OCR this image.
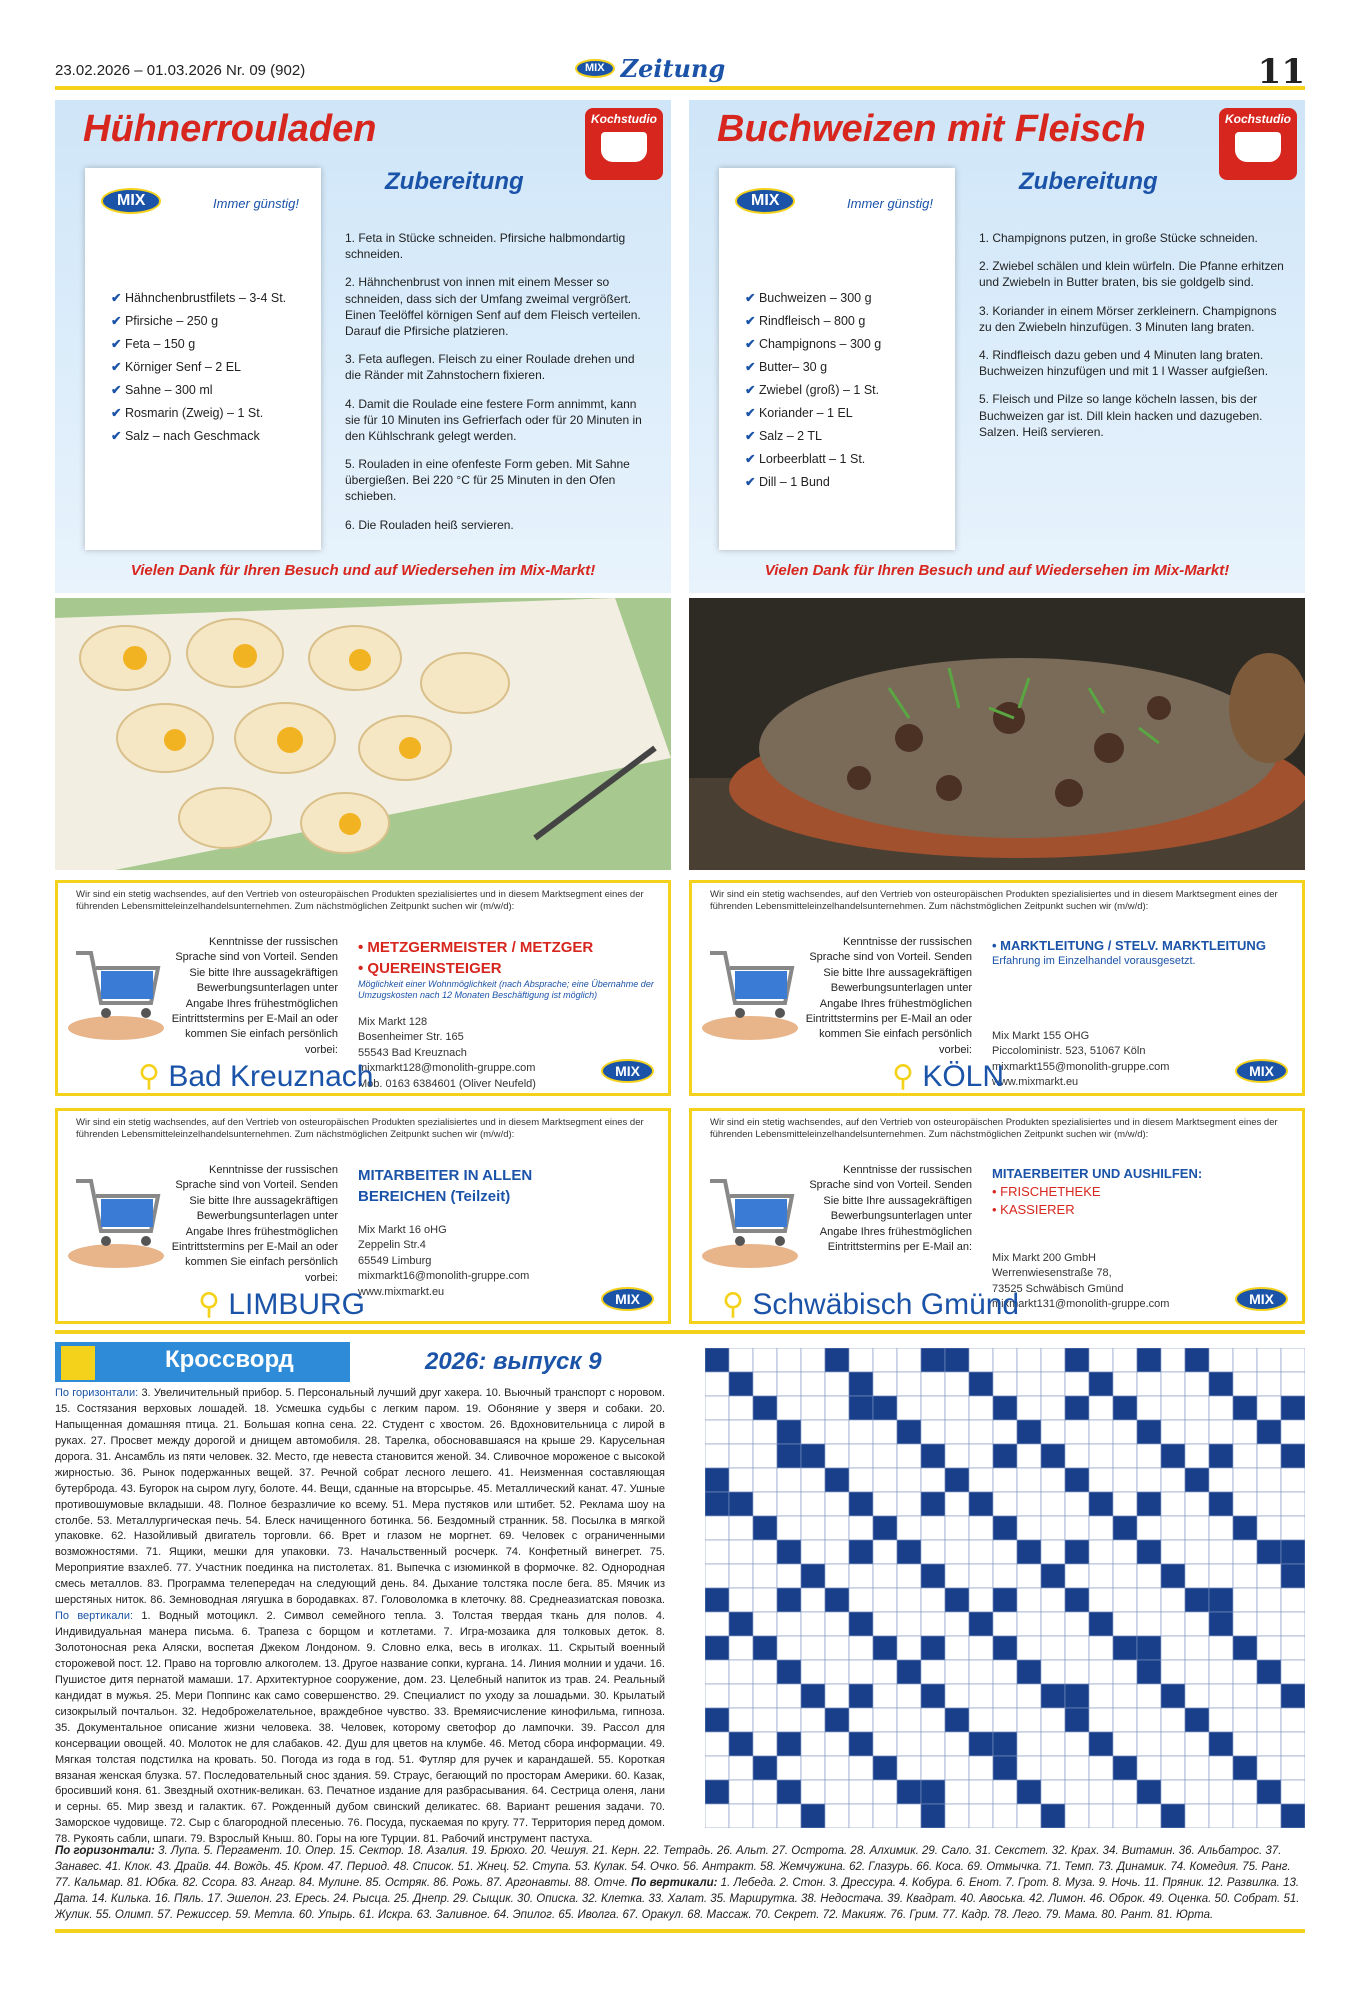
23.02.2026 – 01.03.2026 Nr. 09 (902)	MIX Zeitung	11
Hühnerrouladen	Kochstudio
MIX	Immer günstig!
✔ Hähnchenbrustfilets – 3-4 St.
✔ Pfirsiche – 250 g
✔ Feta – 150 g
✔ Körniger Senf – 2 EL
✔ Sahne – 300 ml
✔ Rosmarin (Zweig) – 1 St.
✔ Salz – nach Geschmack
Zubereitung

1. Feta in Stücke schneiden. Pfirsiche halbmondartig schneiden.

2. Hähnchenbrust von innen mit einem Messer so schneiden, dass sich der Umfang zweimal vergrößert. Einen Teelöffel körnigen Senf auf dem Fleisch verteilen. Darauf die Pfirsiche platzieren.

3. Feta auflegen. Fleisch zu einer Roulade drehen und die Ränder mit Zahnstochern fixieren.

4. Damit die Roulade eine festere Form annimmt, kann sie für 10 Minuten ins Gefrierfach oder für 20 Minuten in den Kühlschrank gelegt werden.

5. Rouladen in eine ofenfeste Form geben. Mit Sahne übergießen. Bei 220 °C für 25 Minuten in den Ofen schieben.

6. Die Rouladen heiß servieren.

Vielen Dank für Ihren Besuch und auf Wiedersehen im Mix-Markt!
Buchweizen mit Fleisch	Kochstudio
MIX	Immer günstig!
✔ Buchweizen – 300 g
✔ Rindfleisch – 800 g
✔ Champignons – 300 g
✔ Butter– 30 g
✔ Zwiebel (groß) – 1 St.
✔ Koriander – 1 EL
✔ Salz – 2 TL
✔ Lorbeerblatt – 1 St.
✔ Dill – 1 Bund
Zubereitung

1. Champignons putzen, in große Stücke schneiden.

2. Zwiebel schälen und klein würfeln. Die Pfanne erhitzen und Zwiebeln in Butter braten, bis sie goldgelb sind.

3. Koriander in einem Mörser zerkleinern. Champignons zu den Zwiebeln hinzufügen. 3 Minuten lang braten.

4. Rindfleisch dazu geben und 4 Minuten lang braten. Buchweizen hinzufügen und mit 1 l Wasser aufgießen.

5. Fleisch und Pilze so lange köcheln lassen, bis der Buchweizen gar ist. Dill klein hacken und dazugeben. Salzen. Heiß servieren.

Vielen Dank für Ihren Besuch und auf Wiedersehen im Mix-Markt!
Wir sind ein stetig wachsendes, auf den Vertrieb von osteuropäischen Produkten spezialisiertes und in diesem Marktsegment eines der führenden Lebensmitteleinzelhandelsunternehmen. Zum nächstmöglichen Zeitpunkt suchen wir (m/w/d):
Kenntnisse der russischen Sprache sind von Vorteil. Senden Sie bitte Ihre aussagekräftigen Bewerbungsunterlagen unter Angabe Ihres frühestmöglichen Eintrittstermins per E-Mail an oder kommen Sie einfach persönlich vorbei:
• METZGERMEISTER / METZGER
• QUEREINSTEIGER
Möglichkeit einer Wohnmöglichkeit (nach Absprache; eine Übernahme der Umzugskosten nach 12 Monaten Beschäftigung ist möglich)
Mix Markt 128
Bosenheimer Str. 165
55543 Bad Kreuznach
mixmarkt128@monolith-gruppe.com
Mob. 0163 6384601 (Oliver Neufeld)
⚲ Bad Kreuznach	MIX
Wir sind ein stetig wachsendes, auf den Vertrieb von osteuropäischen Produkten spezialisiertes und in diesem Marktsegment eines der führenden Lebensmitteleinzelhandelsunternehmen. Zum nächstmöglichen Zeitpunkt suchen wir (m/w/d):
Kenntnisse der russischen Sprache sind von Vorteil. Senden Sie bitte Ihre aussagekräftigen Bewerbungsunterlagen unter Angabe Ihres frühestmöglichen Eintrittstermins per E-Mail an oder kommen Sie einfach persönlich vorbei:
• MARKTLEITUNG / STELV. MARKTLEITUNG
Erfahrung im Einzelhandel vorausgesetzt.
Mix Markt 155 OHG
Piccoloministr. 523, 51067 Köln
mixmarkt155@monolith-gruppe.com
www.mixmarkt.eu
⚲ KÖLN	MIX
Wir sind ein stetig wachsendes, auf den Vertrieb von osteuropäischen Produkten spezialisiertes und in diesem Marktsegment eines der führenden Lebensmitteleinzelhandelsunternehmen. Zum nächstmöglichen Zeitpunkt suchen wir (m/w/d):
Kenntnisse der russischen Sprache sind von Vorteil. Senden Sie bitte Ihre aussagekräftigen Bewerbungsunterlagen unter Angabe Ihres frühestmöglichen Eintrittstermins per E-Mail an oder kommen Sie einfach persönlich vorbei:
MITARBEITER IN ALLEN
BEREICHEN (Teilzeit)
Mix Markt 16 oHG
Zeppelin Str.4
65549 Limburg
mixmarkt16@monolith-gruppe.com
www.mixmarkt.eu
⚲ LIMBURG	MIX
Wir sind ein stetig wachsendes, auf den Vertrieb von osteuropäischen Produkten spezialisiertes und in diesem Marktsegment eines der führenden Lebensmitteleinzelhandelsunternehmen. Zum nächstmöglichen Zeitpunkt suchen wir (m/w/d):
Kenntnisse der russischen Sprache sind von Vorteil. Senden Sie bitte Ihre aussagekräftigen Bewerbungsunterlagen unter Angabe Ihres frühestmöglichen Eintrittstermins per E-Mail an:
MITAERBEITER UND AUSHILFEN:
• FRISCHETHEKE
• KASSIERER
Mix Markt 200 GmbH
Werrenwiesenstraße 78,
73525 Schwäbisch Gmünd
mixmarkt131@monolith-gruppe.com
⚲ Schwäbisch Gmünd	MIX
Кроссворд	2026: выпуск 9
По горизонтали: 3. Увеличительный прибор. 5. Персональный лучший друг хакера. 10. Вьючный транспорт с норовом. 15. Состязания верховых лошадей. 18. Усмешка судьбы с легким паром. 19. Обоняние у зверя и собаки. 20. Напыщенная домашняя птица. 21. Большая копна сена. 22. Студент с хвостом. 26. Вдохновительница с лирой в руках. 27. Просвет между дорогой и днищем автомобиля. 28. Тарелка, обосновавшаяся на крыше 29. Карусельная дорога. 31. Ансамбль из пяти человек. 32. Место, где невеста становится женой. 34. Сливочное мороженое с высокой жирностью. 36. Рынок подержанных вещей. 37. Речной собрат лесного лешего. 41. Неизменная составляющая бутерброда. 43. Бугорок на сыром лугу, болоте. 44. Вещи, сданные на вторсырье. 45. Металлический канат. 47. Ушные противошумовые вкладыши. 48. Полное безразличие ко всему. 51. Мера пустяков или штибет. 52. Реклама шоу на столбе. 53. Металлургическая печь. 54. Блеск начищенного ботинка. 56. Бездомный странник. 58. Посылка в мягкой упаковке. 62. Назойливый двигатель торговли. 66. Врет и глазом не моргнет. 69. Человек с ограниченными возможностями. 71. Ящики, мешки для упаковки. 73. Начальственный росчерк. 74. Конфетный винегрет. 75. Мероприятие взахлеб. 77. Участник поединка на пистолетах. 81. Выпечка с изюминкой в формочке. 82. Однородная смесь металлов. 83. Программа телепередач на следующий день. 84. Дыхание толстяка после бега. 85. Мячик из шерстяных ниток. 86. Земноводная лягушка в бородавках. 87. Головоломка в клеточку. 88. Среднеазиатская повозка. По вертикали: 1. Водный мотоцикл. 2. Символ семейного тепла. 3. Толстая твердая ткань для полов. 4. Индивидуальная манера письма. 6. Трапеза с борщом и котлетами. 7. Игра-мозаика для толковых деток. 8. Золотоносная река Аляски, воспетая Джеком Лондоном. 9. Словно елка, весь в иголках. 11. Скрытый военный сторожевой пост. 12. Право на торговлю алкоголем. 13. Другое название сопки, кургана. 14. Линия молнии и удачи. 16. Пушистое дитя пернатой мамаши. 17. Архитектурное сооружение, дом. 23. Целебный напиток из трав. 24. Реальный кандидат в мужья. 25. Мери Поппинс как само совершенство. 29. Специалист по уходу за лошадьми. 30. Крылатый сизокрылый почтальон. 32. Недоброжелательное, враждебное чувство. 33. Времяисчисление кинофильма, гипноза. 35. Документальное описание жизни человека. 38. Человек, которому светофор до лампочки. 39. Рассол для консервации овощей. 40. Молоток не для слабаков. 42. Душ для цветов на клумбе. 46. Метод сбора информации. 49. Мягкая толстая подстилка на кровать. 50. Погода из года в год. 51. Футляр для ручек и карандашей. 55. Короткая вязаная женская блузка. 57. Последовательный снос здания. 59. Страус, бегающий по просторам Америки. 60. Казак, бросивший коня. 61. Звездный охотник-великан. 63. Печатное издание для разбрасывания. 64. Сестрица оленя, лани и серны. 65. Мир звезд и галактик. 67. Рожденный дубом свинский деликатес. 68. Вариант решения задачи. 70. Заморское чудовище. 72. Сыр с благородной плесенью. 76. Посуда, пускаемая по кругу. 77. Территория перед домом. 78. Рукоять сабли, шпаги. 79. Взрослый Кныш. 80. Горы на юге Турции. 81. Рабочий инструмент пастуха.
По горизонтали: 3. Лупа. 5. Пергамент. 10. Опер. 15. Сектор. 18. Азалия. 19. Брюхо. 20. Чешуя. 21. Керн. 22. Тетрадь. 26. Альт. 27. Острота. 28. Алхимик. 29. Сало. 31. Секстет. 32. Крах. 34. Витамин. 36. Альбатрос. 37. Занавес. 41. Клок. 43. Драйв. 44. Вождь. 45. Кром. 47. Период. 48. Список. 51. Жнец. 52. Ступа. 53. Кулак. 54. Очко. 56. Антракт. 58. Жемчужина. 62. Глазурь. 66. Коса. 69. Отмычка. 71. Темп. 73. Динамик. 74. Комедия. 75. Ранг. 77. Кальмар. 81. Юбка. 82. Ссора. 83. Ангар. 84. Мулине. 85. Остряк. 86. Рожь. 87. Аргонавты. 88. Отче. По вертикали: 1. Лебеда. 2. Стон. 3. Дрессура. 4. Кобура. 6. Енот. 7. Грот. 8. Муза. 9. Ночь. 11. Пряник. 12. Развилка. 13. Дата. 14. Килька. 16. Пяль. 17. Эшелон. 23. Ересь. 24. Рысца. 25. Днепр. 29. Сыщик. 30. Описка. 32. Клетка. 33. Халат. 35. Маршрутка. 38. Недостача. 39. Квадрат. 40. Авоська. 42. Лимон. 46. Оброк. 49. Оценка. 50. Собрат. 51. Жулик. 55. Олимп. 57. Режиссер. 59. Метла. 60. Упырь. 61. Искра. 63. Заливное. 64. Эпилог. 65. Иволга. 67. Оракул. 68. Массаж. 70. Секрет. 72. Макияж. 76. Грим. 77. Кадр. 78. Лего. 79. Мама. 80. Рант. 81. Юрта.
